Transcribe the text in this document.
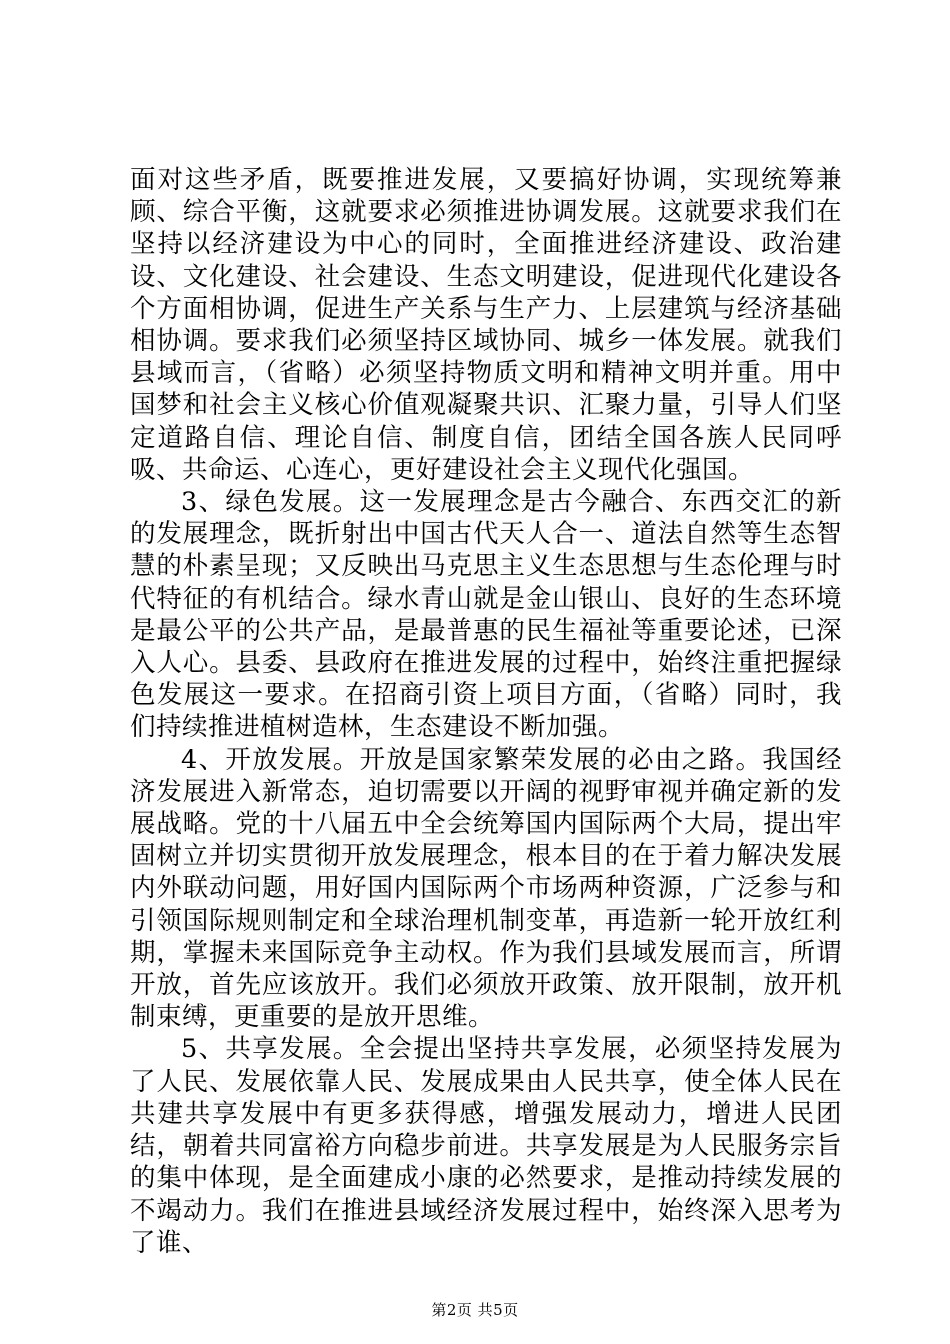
面对这些矛盾，既要推进发展，又要搞好协调，实现统筹兼顾、综合平衡，这就要求必须推进协调发展。这就要求我们在坚持以经济建设为中心的同时，全面推进经济建设、政治建设、文化建设、社会建设、生态文明建设，促进现代化建设各个方面相协调，促进生产关系与生产力、上层建筑与经济基础相协调。要求我们必须坚持区域协同、城乡一体发展。就我们县域而言，（省略）必须坚持物质文明和精神文明并重。用中国梦和社会主义核心价值观凝聚共识、汇聚力量，引导人们坚定道路自信、理论自信、制度自信，团结全国各族人民同呼吸、共命运、心连心，更好建设社会主义现代化强国。

3、绿色发展。这一发展理念是古今融合、东西交汇的新的发展理念，既折射出中国古代天人合一、道法自然等生态智慧的朴素呈现；又反映出马克思主义生态思想与生态伦理与时代特征的有机结合。绿水青山就是金山银山、良好的生态环境是最公平的公共产品，是最普惠的民生福祉等重要论述，已深入人心。县委、县政府在推进发展的过程中，始终注重把握绿色发展这一要求。在招商引资上项目方面，（省略）同时，我们持续推进植树造林，生态建设不断加强。

4、开放发展。开放是国家繁荣发展的必由之路。我国经济发展进入新常态，迫切需要以开阔的视野审视并确定新的发展战略。党的十八届五中全会统筹国内国际两个大局，提出牢固树立并切实贯彻开放发展理念，根本目的在于着力解决发展内外联动问题，用好国内国际两个市场两种资源，广泛参与和引领国际规则制定和全球治理机制变革，再造新一轮开放红利期，掌握未来国际竞争主动权。作为我们县域发展而言，所谓开放，首先应该放开。我们必须放开政策、放开限制，放开机制束缚，更重要的是放开思维。

5、共享发展。全会提出坚持共享发展，必须坚持发展为了人民、发展依靠人民、发展成果由人民共享，使全体人民在共建共享发展中有更多获得感，增强发展动力，增进人民团结，朝着共同富裕方向稳步前进。共享发展是为人民服务宗旨的集中体现，是全面建成小康的必然要求，是推动持续发展的不竭动力。我们在推进县域经济发展过程中，始终深入思考为了谁、

第2页 共5页
